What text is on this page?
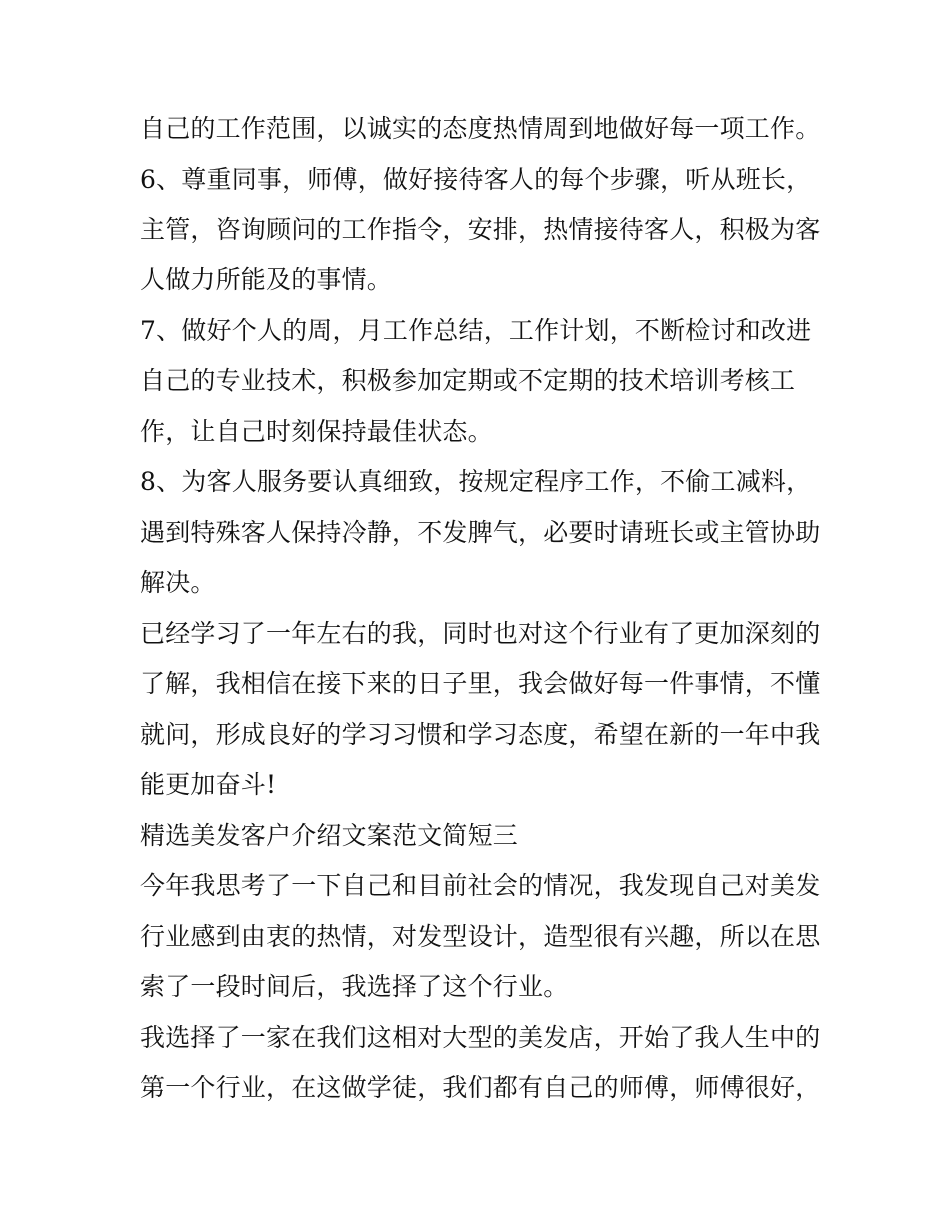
自己的工作范围，以诚实的态度热情周到地做好每一项工作。
6、尊重同事，师傅，做好接待客人的每个步骤，听从班长，
主管，咨询顾问的工作指令，安排，热情接待客人，积极为客
人做力所能及的事情。
7、做好个人的周，月工作总结，工作计划，不断检讨和改进
自己的专业技术，积极参加定期或不定期的技术培训考核工
作，让自己时刻保持最佳状态。
8、为客人服务要认真细致，按规定程序工作，不偷工减料，
遇到特殊客人保持冷静，不发脾气，必要时请班长或主管协助
解决。
已经学习了一年左右的我，同时也对这个行业有了更加深刻的
了解，我相信在接下来的日子里，我会做好每一件事情，不懂
就问，形成良好的学习习惯和学习态度，希望在新的一年中我
能更加奋斗!
精选美发客户介绍文案范文简短三
今年我思考了一下自己和目前社会的情况，我发现自己对美发
行业感到由衷的热情，对发型设计，造型很有兴趣，所以在思
索了一段时间后，我选择了这个行业。
我选择了一家在我们这相对大型的美发店，开始了我人生中的
第一个行业，在这做学徒，我们都有自己的师傅，师傅很好，
